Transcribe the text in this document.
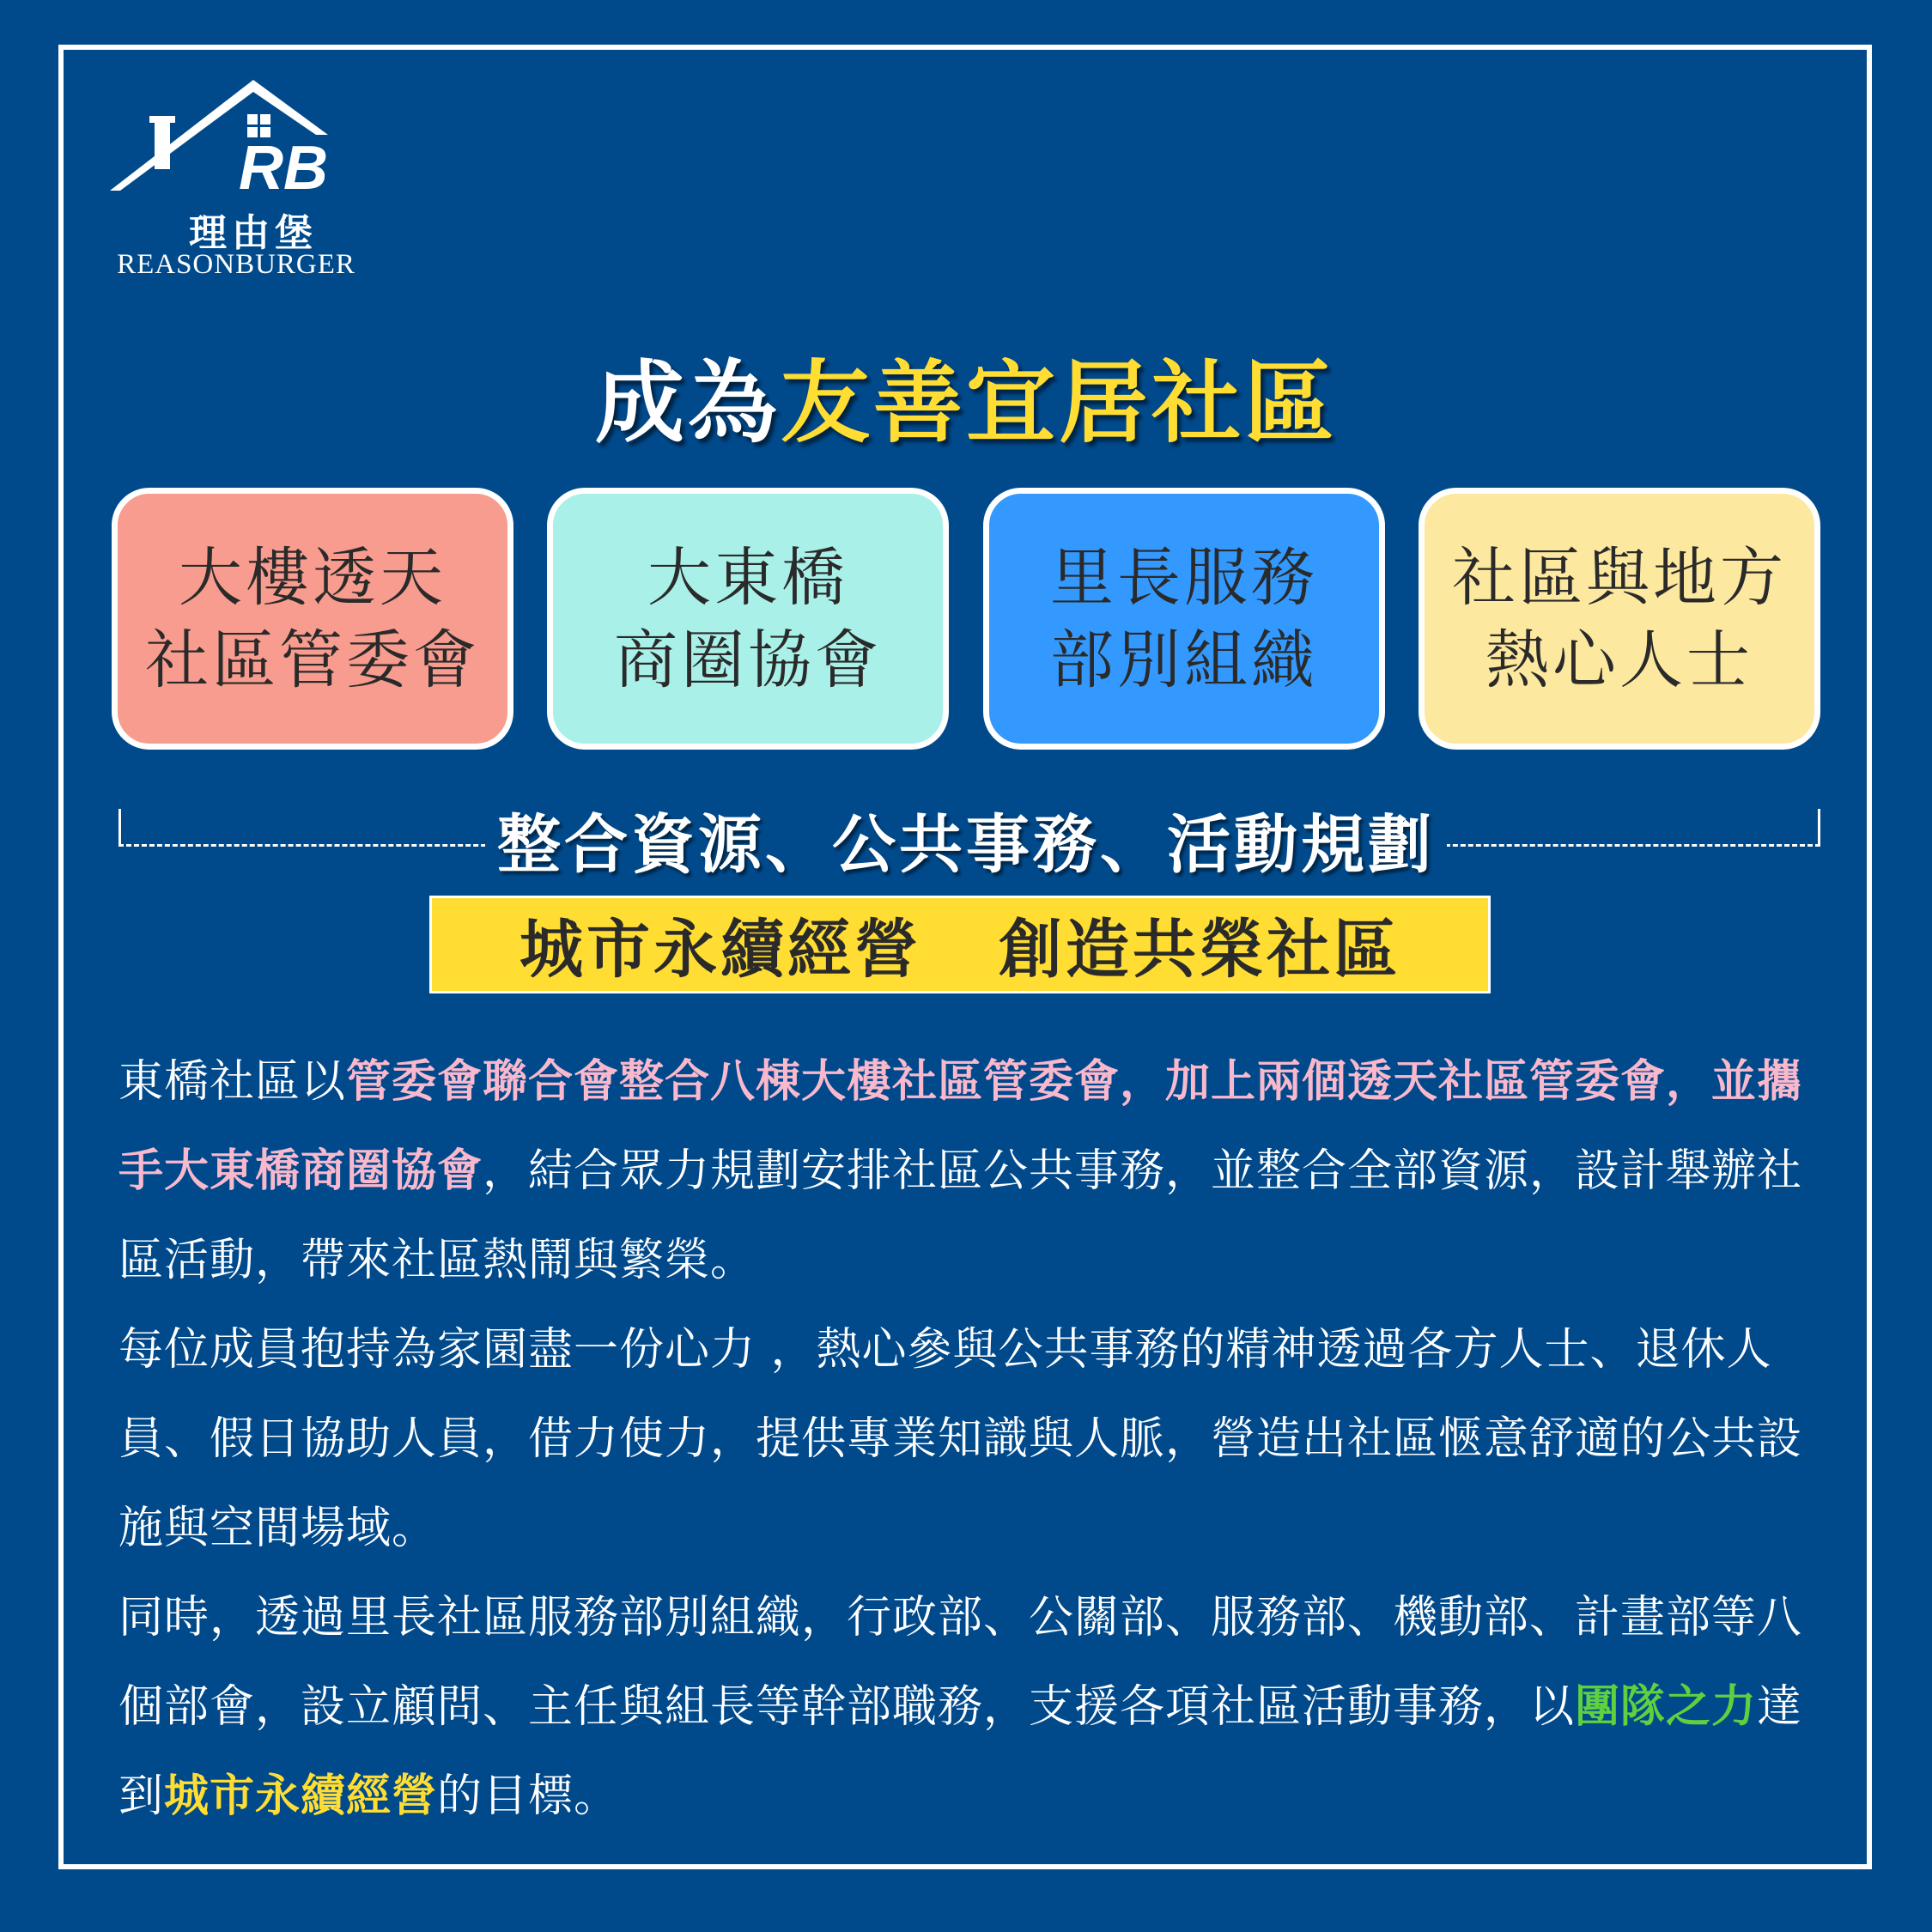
RB
理由堡
REASONBURGER
成為友善宜居社區
大樓透天
社區管委會
大東橋
商圈協會
里長服務
部別組織
社區與地方
熱心人士
整合資源、公共事務、活動規劃
城市永續經營 創造共榮社區

東橋社區以管委會聯合會整合八棟大樓社區管委會，加上兩個透天社區管委會，並攜手大東橋商圈協會，結合眾力規劃安排社區公共事務，並整合全部資源，設計舉辦社區活動，帶來社區熱鬧與繁榮。

每位成員抱持為家園盡一份心力 ，熱心參與公共事務的精神透過各方人士、退休人員、假日協助人員，借力使力，提供專業知識與人脈，營造出社區愜意舒適的公共設施與空間場域。

同時，透過里長社區服務部別組織，行政部、公關部、服務部、機動部、計畫部等八個部會，設立顧問、主任與組長等幹部職務，支援各項社區活動事務，以團隊之力達到城市永續經營的目標。
